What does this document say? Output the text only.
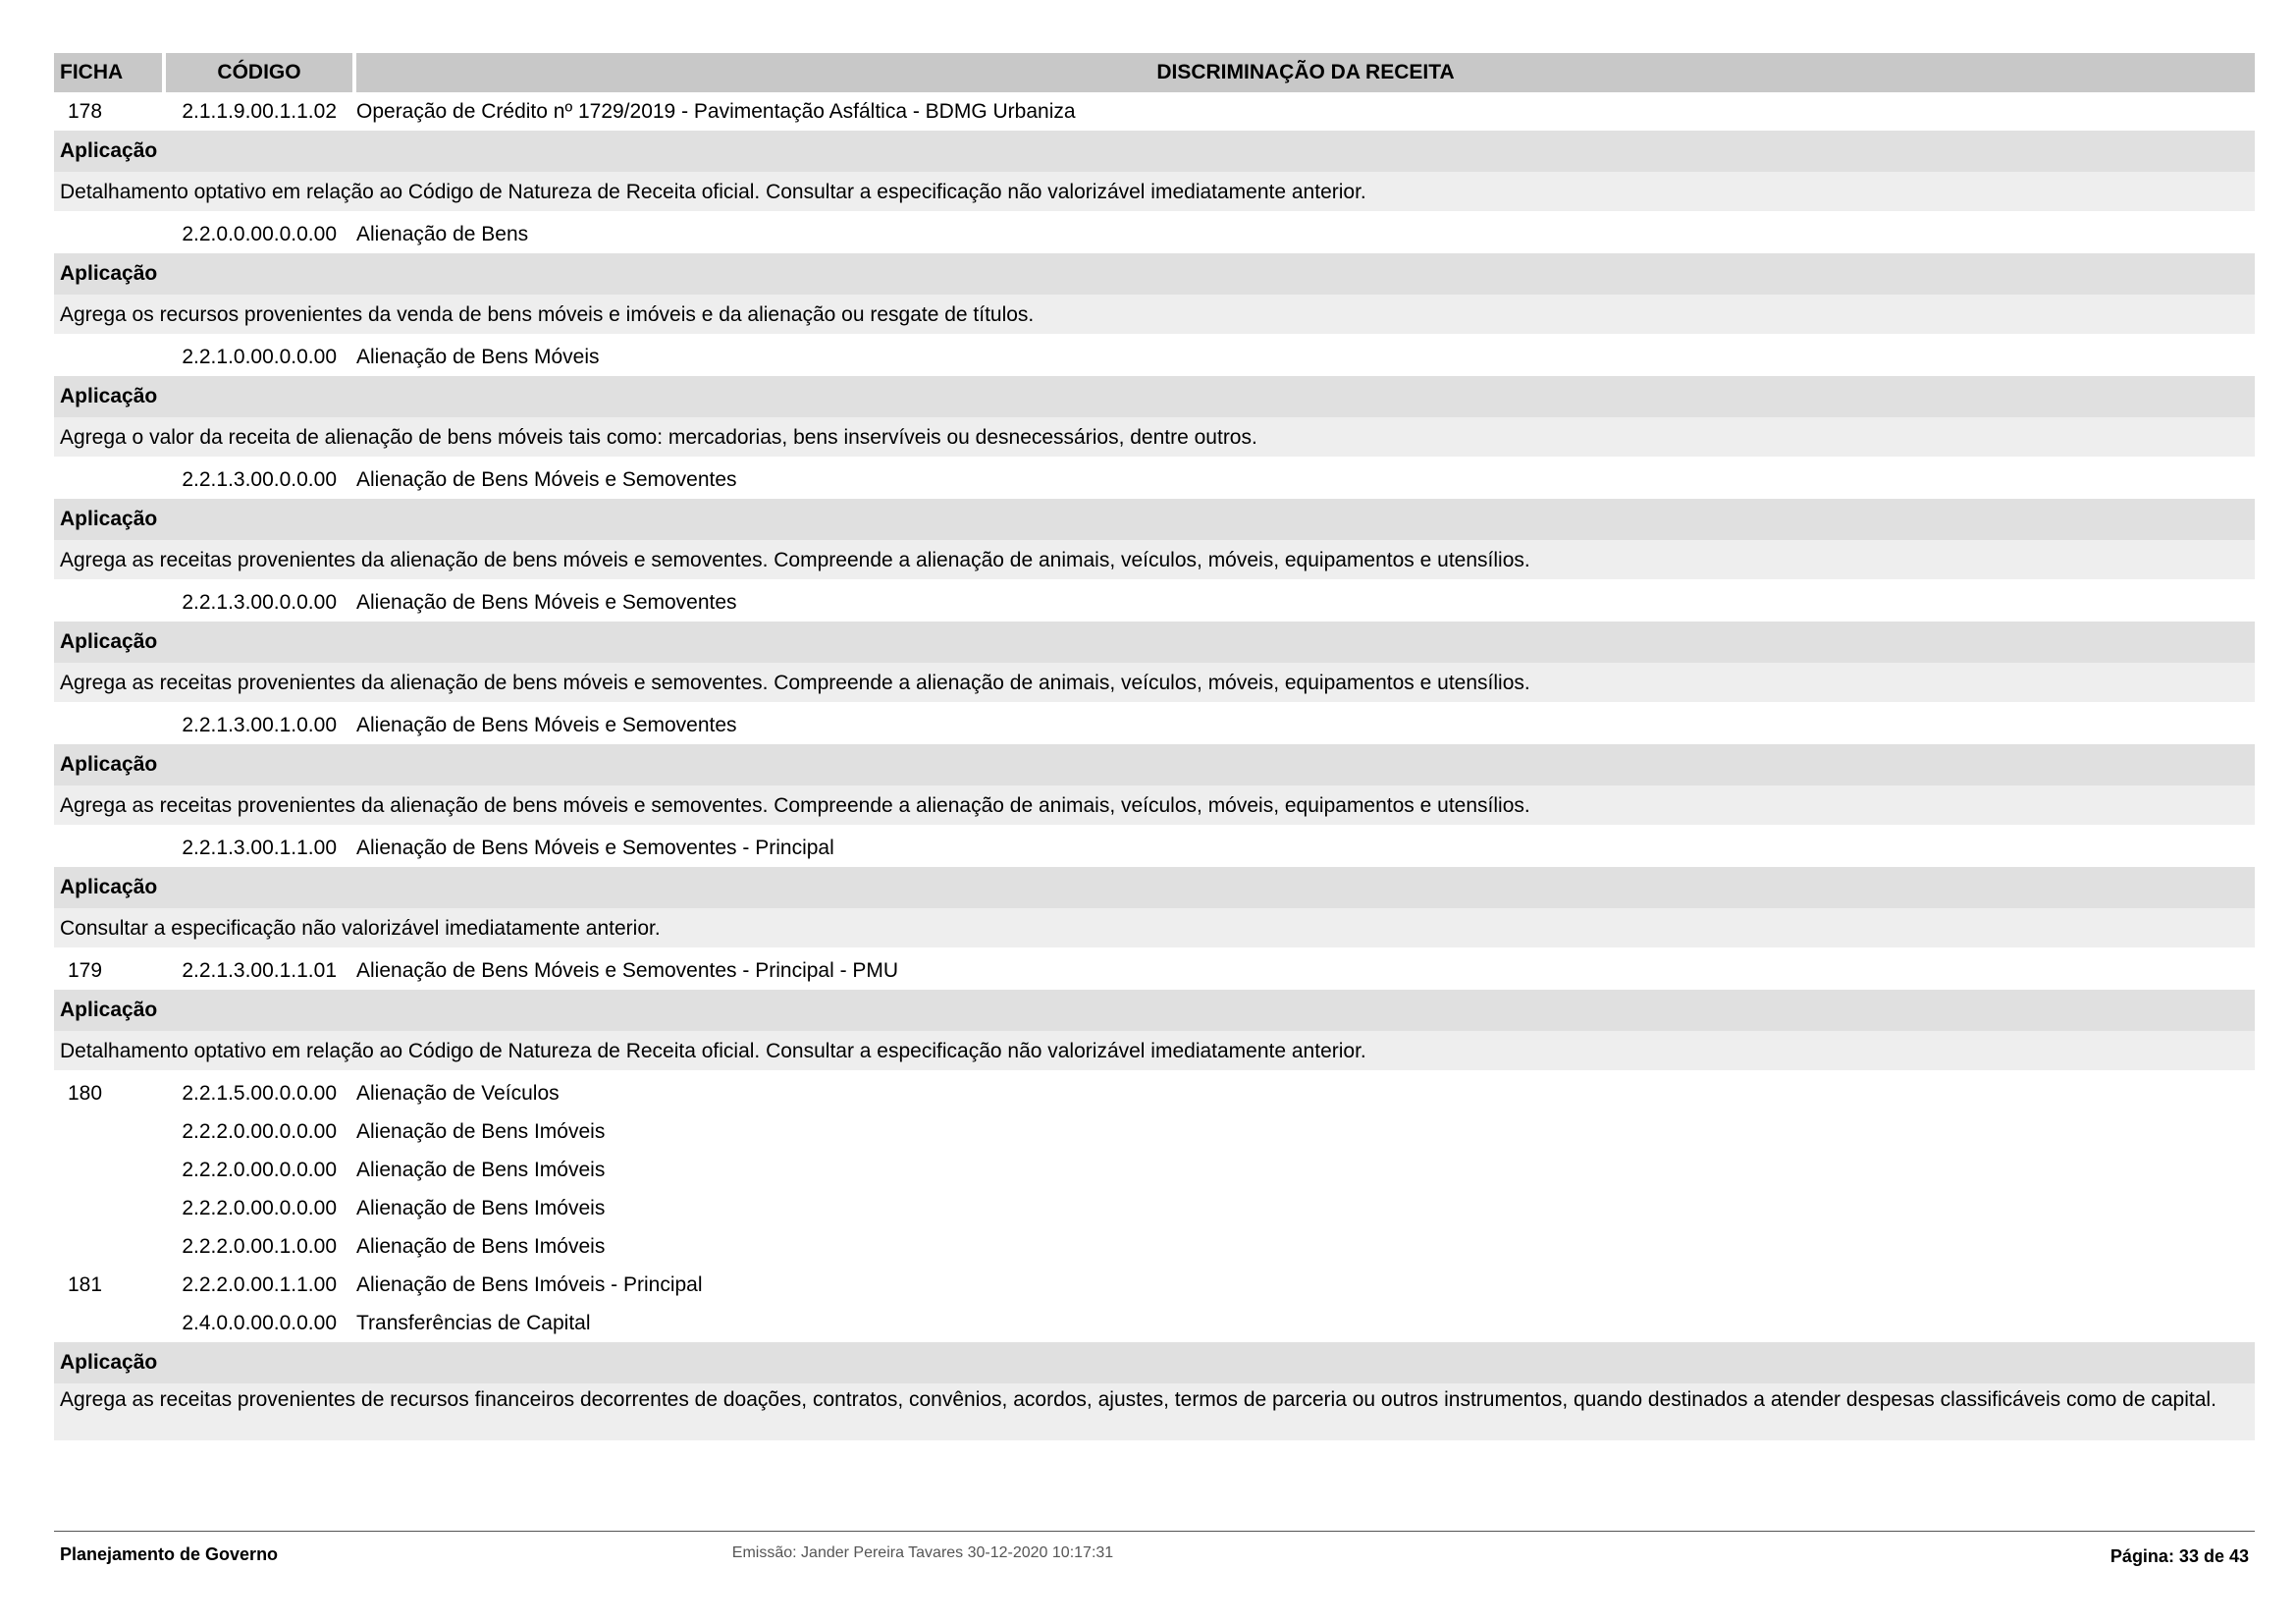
FICHA	CÓDIGO	DISCRIMINAÇÃO DA RECEITA
178	2.1.1.9.00.1.1.02 Operação de Crédito nº 1729/2019 - Pavimentação Asfáltica - BDMG Urbaniza
Aplicação
Detalhamento optativo em relação ao Código de Natureza de Receita oficial. Consultar a especificação não valorizável imediatamente anterior.
2.2.0.0.00.0.0.00 Alienação de Bens
Aplicação
Agrega os recursos provenientes da venda de bens móveis e imóveis e da alienação ou resgate de títulos.
2.2.1.0.00.0.0.00 Alienação de Bens Móveis
Aplicação
Agrega o valor da receita de alienação de bens móveis tais como: mercadorias, bens inservíveis ou desnecessários, dentre outros.
2.2.1.3.00.0.0.00 Alienação de Bens Móveis e Semoventes
Aplicação
Agrega as receitas provenientes da alienação de bens móveis e semoventes. Compreende a alienação de animais, veículos, móveis, equipamentos e utensílios.
2.2.1.3.00.0.0.00 Alienação de Bens Móveis e Semoventes
Aplicação
Agrega as receitas provenientes da alienação de bens móveis e semoventes. Compreende a alienação de animais, veículos, móveis, equipamentos e utensílios.
2.2.1.3.00.1.0.00 Alienação de Bens Móveis e Semoventes
Aplicação
Agrega as receitas provenientes da alienação de bens móveis e semoventes. Compreende a alienação de animais, veículos, móveis, equipamentos e utensílios.
2.2.1.3.00.1.1.00 Alienação de Bens Móveis e Semoventes - Principal
Aplicação
Consultar a especificação não valorizável imediatamente anterior.
179	2.2.1.3.00.1.1.01 Alienação de Bens Móveis e Semoventes - Principal - PMU
Aplicação
Detalhamento optativo em relação ao Código de Natureza de Receita oficial. Consultar a especificação não valorizável imediatamente anterior.
180	2.2.1.5.00.0.0.00 Alienação de Veículos
2.2.2.0.00.0.0.00 Alienação de Bens Imóveis
2.2.2.0.00.0.0.00 Alienação de Bens Imóveis
2.2.2.0.00.0.0.00 Alienação de Bens Imóveis
2.2.2.0.00.1.0.00 Alienação de Bens Imóveis
181	2.2.2.0.00.1.1.00 Alienação de Bens Imóveis - Principal
2.4.0.0.00.0.0.00 Transferências de Capital
Aplicação
Agrega as receitas provenientes de recursos financeiros decorrentes de doações, contratos, convênios, acordos, ajustes, termos de parceria ou outros instrumentos, quando destinados a atender despesas classificáveis como de capital.
Planejamento de Governo	Emissão: Jander Pereira Tavares 30-12-2020 10:17:31	Página: 33 de 43
